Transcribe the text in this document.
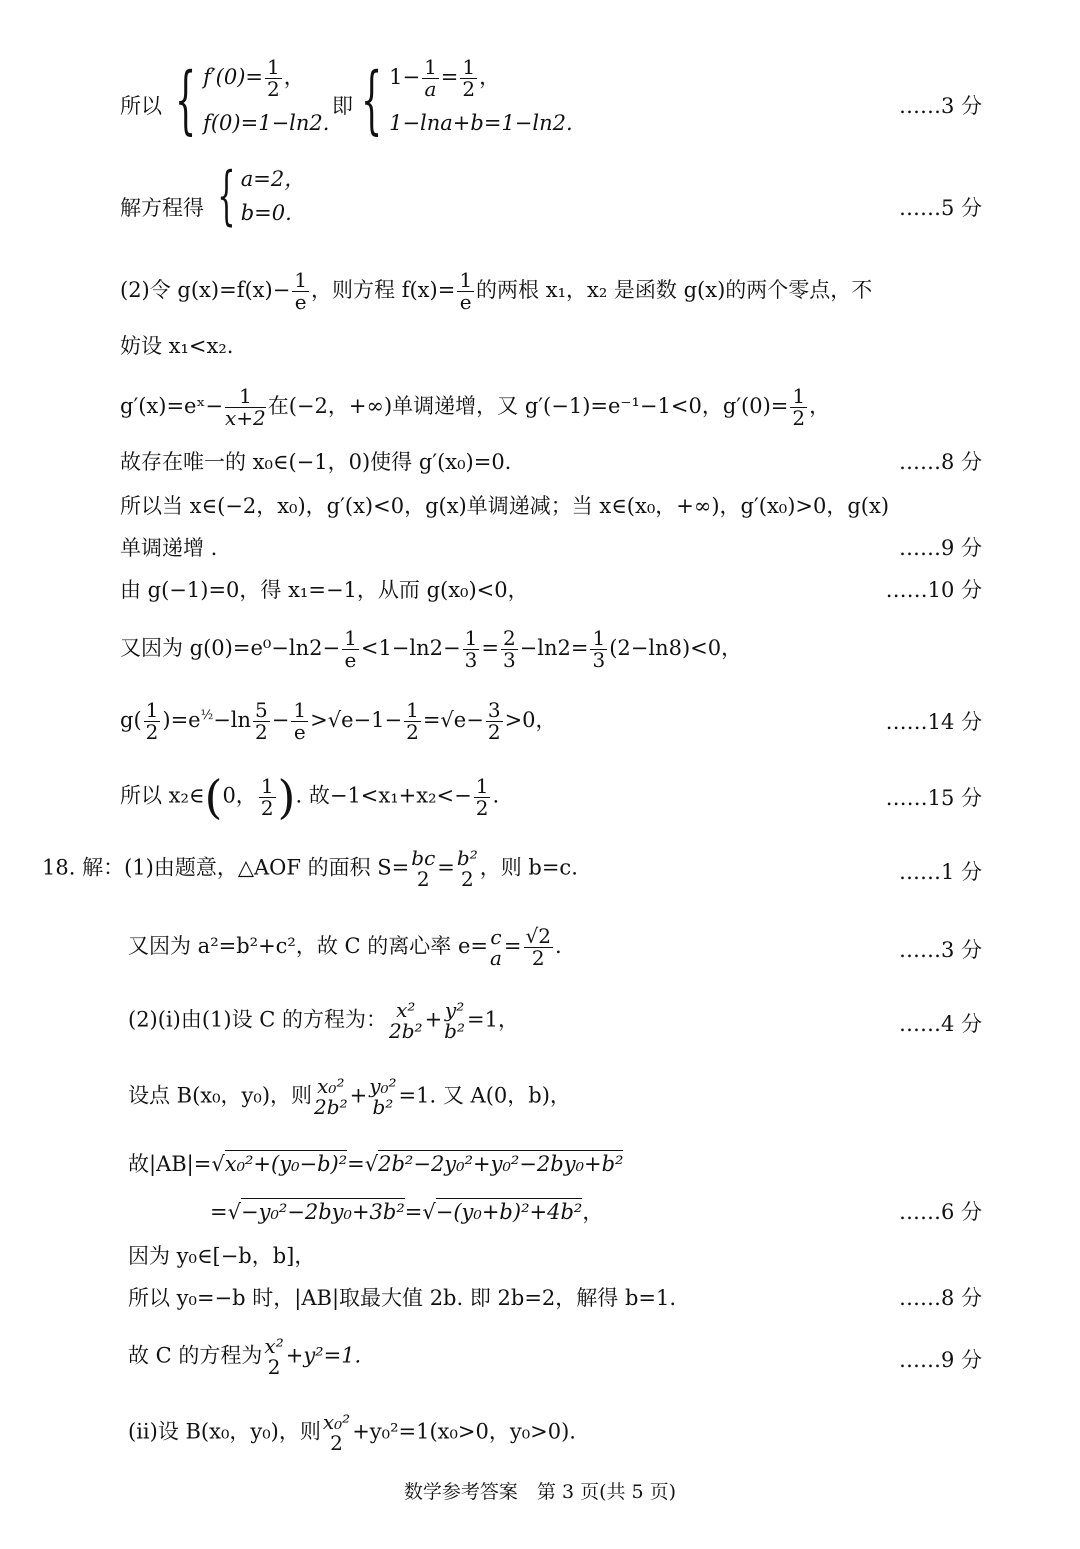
所以 { $f'(0)= \frac{1}{2}$ ，
f(0)=1−ln2.
即 { $1- \frac{1}{a}= \frac{1}{2}$ ，
1−lna+b=1−ln2.
……3 分
解方程得 { a=2，
b=0.	……5 分
(2)令 $g(x)=f(x)- \frac{1}{e}$ ，则方程 $f(x)= \frac{1}{e}$ 的两根 x₁，x₂ 是函数 g(x)的两个零点，不
妨设 x₁<x₂.
g′(x)=eˣ− $\frac{1}{x+2}$在(−2，+∞)单调递增，又 g′(−1)=e⁻¹−1<0，$g'(0)= \frac{1}{2}$ ，
故存在唯一的 x₀∈(−1，0)使得 g′(x₀)=0.	……8 分
所以当 x∈(−2，x₀)，g′(x)<0，g(x)单调递减；当 x∈(x₀，+∞)，g′(x₀)>0，g(x)
单调递增 .	……9 分
由 g(−1)=0，得 x₁=−1，从而 g(x₀)<0，	……10 分
又因为 $g(0)=e^0-\ln 2- \frac{1}{e} <1-\ln 2- \frac{1}{3} = \frac{2}{3} -\ln 2= \frac{1}{3} (2-\ln 8)<0$，
$g( \frac{1}{2} )=e^{\frac{1}{2}}-\ln \frac{5}{2} - \frac{1}{e} >√e-1- \frac{1}{2} =√e- \frac{3}{2} >0$，	……14 分
所以 x₂∈(0， $\frac{1}{2}$ ). 故$-1<x_1+x_2<- \frac{1}{2}$ .	……15 分
18. 解：(1)由题意，△AOF 的面积 S= bc
2 = b²
2 ，则 b=c.	……1 分
又因为 a²=b²+c²，故 C 的离心率 e= c
$a = \frac{√2}{2}$ .	……3 分
(2)(i)由(1)设 C 的方程为： x²
2b² + y²
b² =1，	……4 分
设点 B(x₀，y₀)，则 x₀²
2b² + y₀²
b² =1. 又 A(0，b)，
故|AB|=√x₀²+(y₀−b)²=√2b²−2y₀²+y₀²−2by₀+b²
=√−y₀²−2by₀+3b²=√−(y₀+b)²+4b²，	……6 分
因为 y₀∈[−b，b]，
所以 y₀=−b 时，|AB|取最大值 2b. 即 2b=2，解得 b=1.	……8 分
故 C 的方程为 x²
2 +y²=1.	……9 分
(ii)设 B(x₀，y₀)，则 x₀²
2 +y₀²=1(x₀>0，y₀>0).
数学参考答案　第 3 页(共 5 页)
